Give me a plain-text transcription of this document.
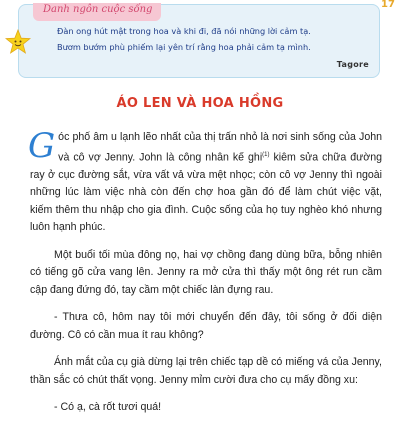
Danh ngôn cuộc sống
Đàn ong hút mật trong hoa và khi đi, đã nói những lời cảm tạ.
Bươm bướm phù phiếm lại yên trí rằng hoa phải cảm tạ mình.
Tagore
17
ÁO LEN VÀ HOA HỒNG

Góc phố âm u lạnh lẽo nhất của thị trấn nhỏ là nơi sinh sống của John và cô vợ Jenny. John là công nhân kế ghi$^{(1)}$ kiêm sửa chữa đường ray ở cục đường sắt, vừa vất vả vừa mệt nhọc; còn cô vợ Jenny thì ngoài những lúc làm việc nhà còn đến chợ hoa gần đó để làm chút việc vặt, kiếm thêm thu nhập cho gia đình. Cuộc sống của họ tuy nghèo khó nhưng luôn hạnh phúc.

Một buổi tối mùa đông nọ, hai vợ chồng đang dùng bữa, bỗng nhiên có tiếng gõ cửa vang lên. Jenny ra mở cửa thì thấy một ông rét run cầm cập đang đứng đó, tay cầm một chiếc làn đựng rau.

- Thưa cô, hôm nay tôi mới chuyển đến đây, tôi sống ở đối diện đường. Cô có cần mua ít rau không?

Ánh mắt của cụ già dừng lại trên chiếc tạp dề có miếng vá của Jenny, thần sắc có chút thất vọng. Jenny mỉm cười đưa cho cụ mấy đồng xu:

- Có ạ, cà rốt tươi quá!
